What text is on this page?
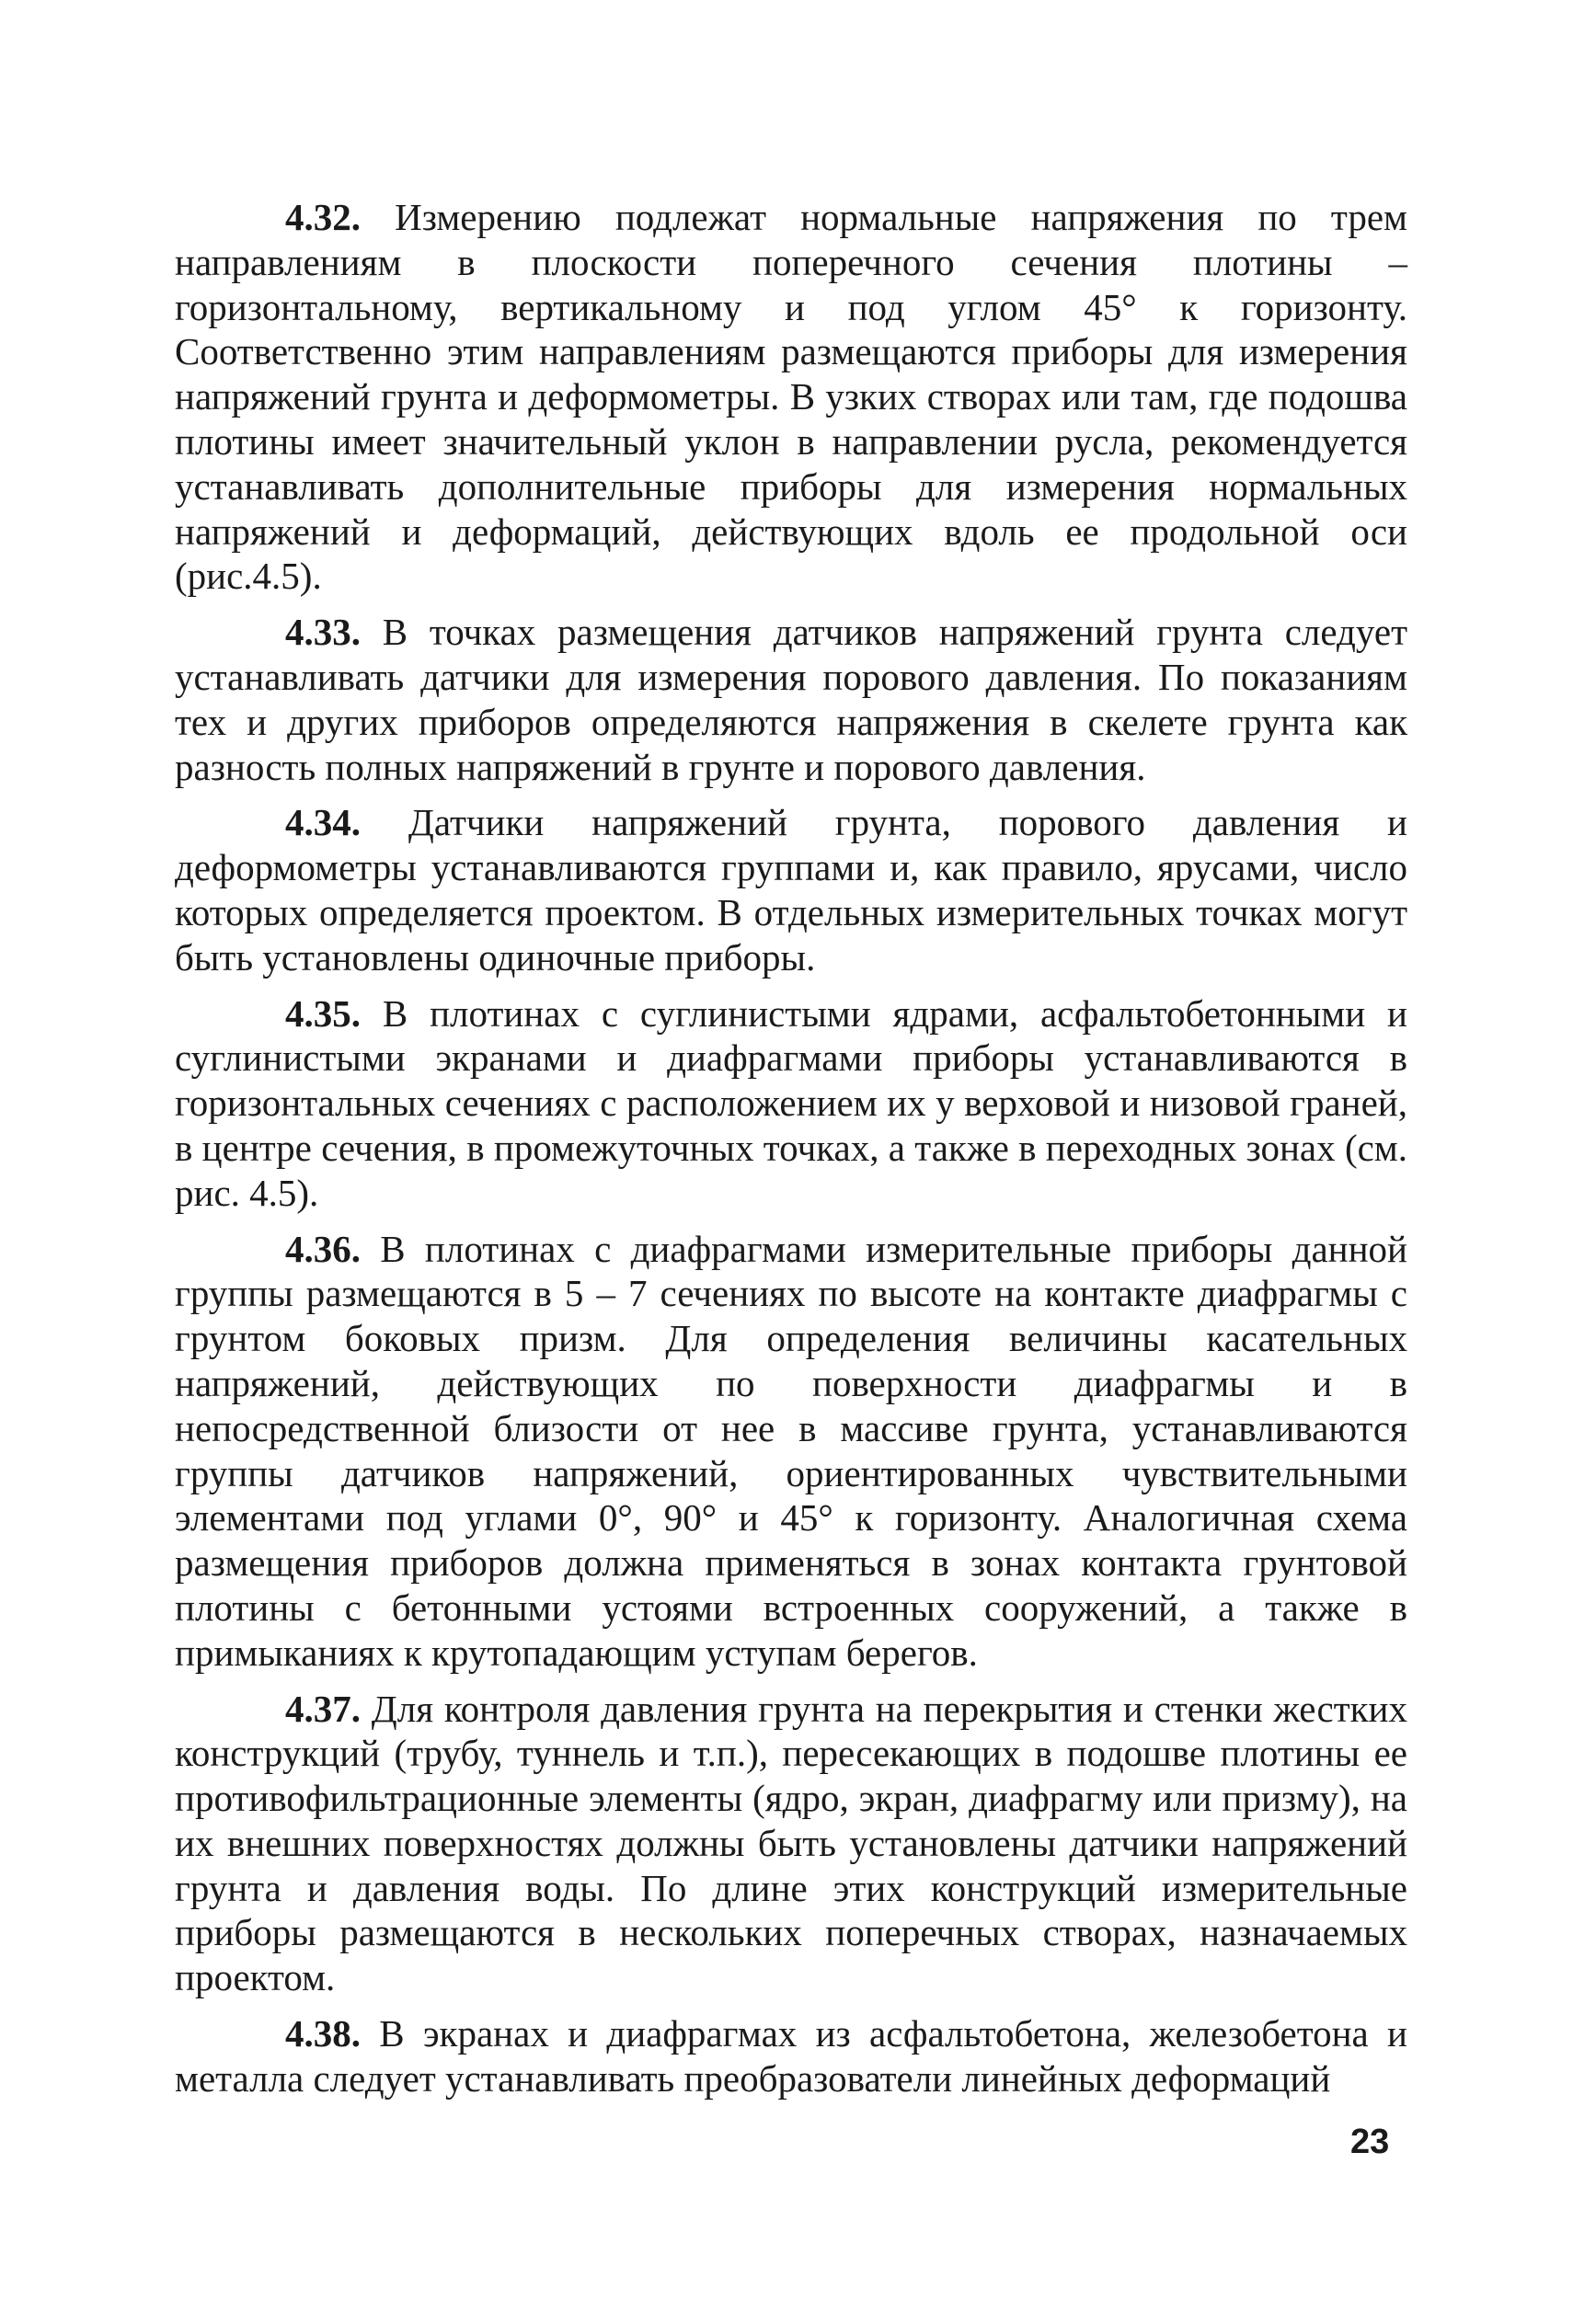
4.32. Измерению подлежат нормальные напряжения по трем направлениям в плоскости поперечного сечения плотины – горизонтальному, вертикальному и под углом 45° к горизонту. Соответственно этим направлениям размещаются приборы для измерения напряжений грунта и деформометры. В узких створах или там, где подошва плотины имеет значительный уклон в направлении русла, рекомендуется устанавливать дополнительные приборы для измерения нормальных напряжений и деформаций, действующих вдоль ее продольной оси (рис.4.5).

4.33. В точках размещения датчиков напряжений грунта следует устанавливать датчики для измерения порового давления. По показаниям тех и других приборов определяются напряжения в скелете грунта как разность полных напряжений в грунте и порового давления.

4.34. Датчики напряжений грунта, порового давления и деформометры устанавливаются группами и, как правило, ярусами, число которых определяется проектом. В отдельных измерительных точках могут быть установлены одиночные приборы.

4.35. В плотинах с суглинистыми ядрами, асфальтобетонными и суглинистыми экранами и диафрагмами приборы устанавливаются в горизонтальных сечениях с расположением их у верховой и низовой граней, в центре сечения, в промежуточных точках, а также в переходных зонах (см. рис. 4.5).

4.36. В плотинах с диафрагмами измерительные приборы данной группы размещаются в 5 – 7 сечениях по высоте на контакте диафрагмы с грунтом боковых призм. Для определения величины касательных напряжений, действующих по поверхности диафрагмы и в непосредственной близости от нее в массиве грунта, устанавливаются группы датчиков напряжений, ориентированных чувствительными элементами под углами 0°, 90° и 45° к горизонту. Аналогичная схема размещения приборов должна применяться в зонах контакта грунтовой плотины с бетонными устоями встроенных сооружений, а также в примыканиях к крутопадающим уступам берегов.

4.37. Для контроля давления грунта на перекрытия и стенки жестких конструкций (трубу, туннель и т.п.), пересекающих в подошве плотины ее противофильтрационные элементы (ядро, экран, диафрагму или призму), на их внешних поверхностях должны быть установлены датчики напряжений грунта и давления воды. По длине этих конструкций измерительные приборы размещаются в нескольких поперечных створах, назначаемых проектом.

4.38. В экранах и диафрагмах из асфальтобетона, железобетона и металла следует устанавливать преобразователи линейных деформаций

23
